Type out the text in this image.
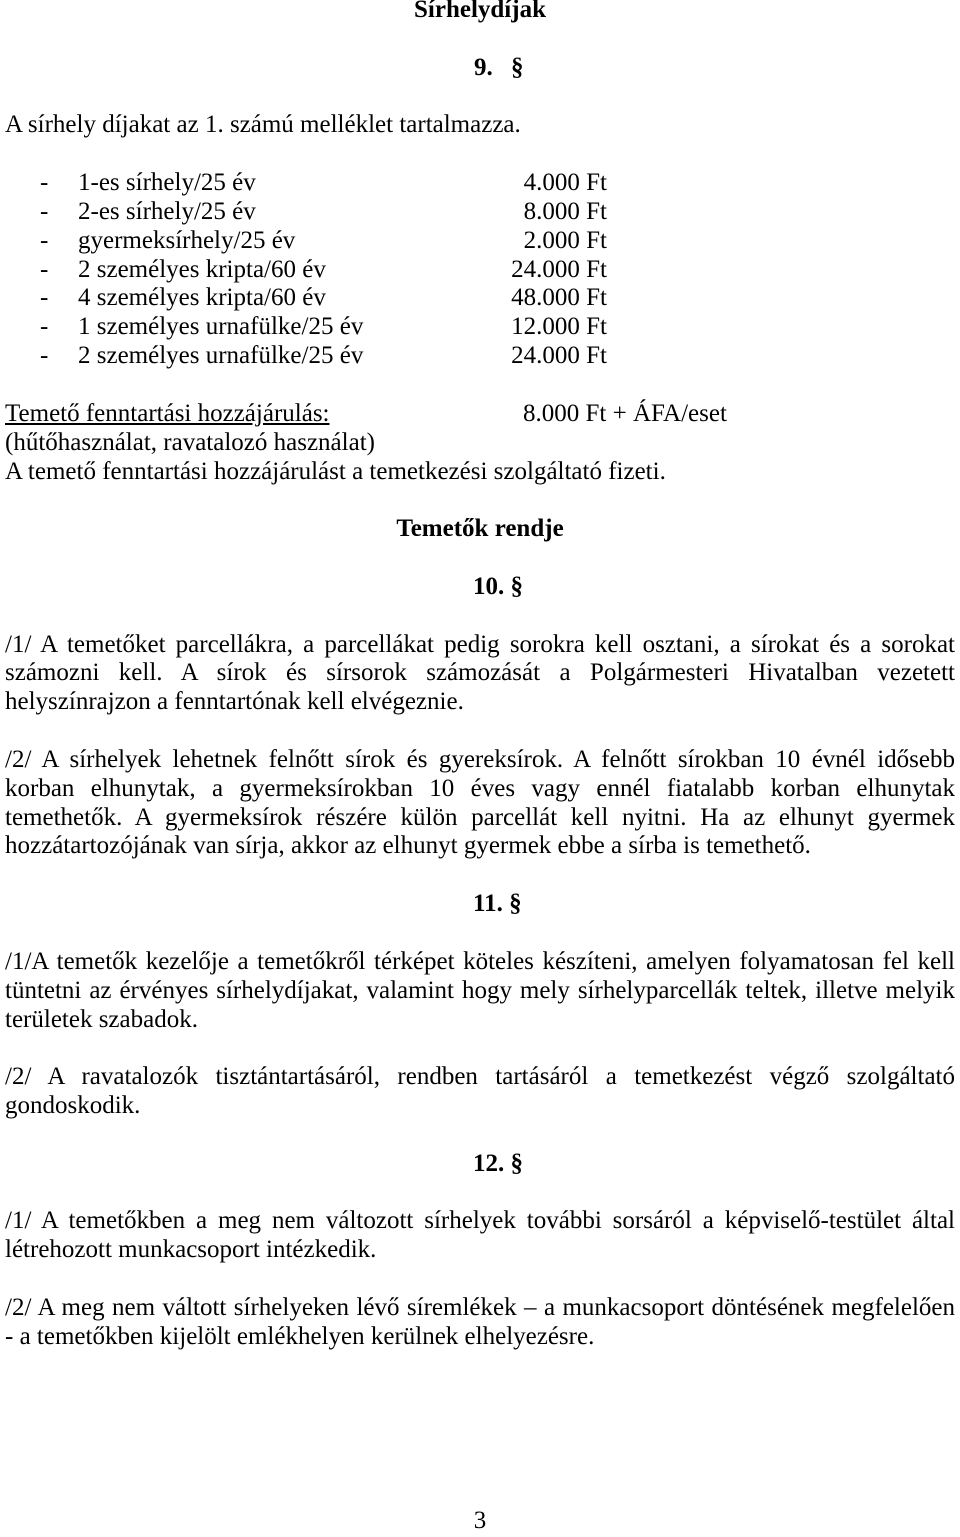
Sírhelydíjak
9. §
A sírhely díjakat az 1. számú melléklet tartalmazza.
- 1-es sírhely/25 év	4.000 Ft
- 2-es sírhely/25 év	8.000 Ft
- gyermeksírhely/25 év	2.000 Ft
- 2 személyes kripta/60 év	24.000 Ft
- 4 személyes kripta/60 év	48.000 Ft
- 1 személyes urnafülke/25 év	12.000 Ft
- 2 személyes urnafülke/25 év	24.000 Ft
Temető fenntartási hozzájárulás:	8.000 Ft + ÁFA/eset
(hűtőhasználat, ravatalozó használat)
A temető fenntartási hozzájárulást a temetkezési szolgáltató fizeti.
Temetők rendje
10. §
/1/ A temetőket parcellákra, a parcellákat pedig sorokra kell osztani, a sírokat és a sorokat
számozni kell. A sírok és sírsorok számozását a Polgármesteri Hivatalban vezetett
helyszínrajzon a fenntartónak kell elvégeznie.
/2/ A sírhelyek lehetnek felnőtt sírok és gyereksírok. A felnőtt sírokban 10 évnél idősebb
korban elhunytak, a gyermeksírokban 10 éves vagy ennél fiatalabb korban elhunytak
temethetők. A gyermeksírok részére külön parcellát kell nyitni. Ha az elhunyt gyermek
hozzátartozójának van sírja, akkor az elhunyt gyermek ebbe a sírba is temethető.
11. §
/1/A temetők kezelője a temetőkről térképet köteles készíteni, amelyen folyamatosan fel kell
tüntetni az érvényes sírhelydíjakat, valamint hogy mely sírhelyparcellák teltek, illetve melyik
területek szabadok.
/2/ A ravatalozók tisztántartásáról, rendben tartásáról a temetkezést végző szolgáltató
gondoskodik.
12. §
/1/ A temetőkben a meg nem változott sírhelyek további sorsáról a képviselő-testület által
létrehozott munkacsoport intézkedik.
/2/ A meg nem váltott sírhelyeken lévő síremlékek – a munkacsoport döntésének megfelelően
- a temetőkben kijelölt emlékhelyen kerülnek elhelyezésre.
3
